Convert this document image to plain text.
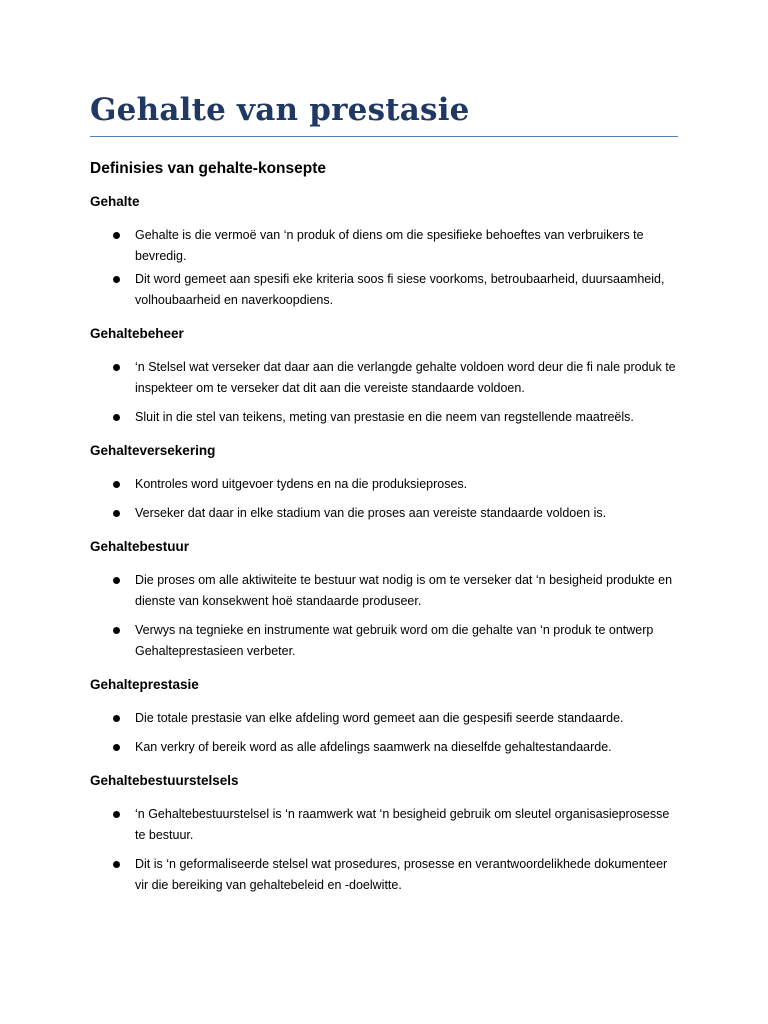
Gehalte van prestasie
Definisies van gehalte-konsepte
Gehalte
Gehalte is die vermoë van ‘n produk of diens om die spesifieke behoeftes van verbruikers te bevredig.
Dit word gemeet aan spesifi eke kriteria soos fi siese voorkoms, betroubaarheid, duursaamheid, volhoubaarheid en naverkoopdiens.
Gehaltebeheer
‘n Stelsel wat verseker dat daar aan die verlangde gehalte voldoen word deur die fi nale produk te inspekteer om te verseker dat dit aan die vereiste standaarde voldoen.
Sluit in die stel van teikens, meting van prestasie en die neem van regstellende maatreëls.
Gehalteversekering
Kontroles word uitgevoer tydens en na die produksieproses.
Verseker dat daar in elke stadium van die proses aan vereiste standaarde voldoen is.
Gehaltebestuur
Die proses om alle aktiwiteite te bestuur wat nodig is om te verseker dat ‘n besigheid produkte en dienste van konsekwent hoë standaarde produseer.
Verwys na tegnieke en instrumente wat gebruik word om die gehalte van ‘n produk te ontwerp Gehalteprestasieen verbeter.
Gehalteprestasie
Die totale prestasie van elke afdeling word gemeet aan die gespesifi seerde standaarde.
Kan verkry of bereik word as alle afdelings saamwerk na dieselfde gehaltestandaarde.
Gehaltebestuurstelsels
‘n Gehaltebestuurstelsel is ‘n raamwerk wat ‘n besigheid gebruik om sleutel organisasieprosesse te bestuur.
Dit is ‘n geformaliseerde stelsel wat prosedures, prosesse en verantwoordelikhede dokumenteer vir die bereiking van gehaltebeleid en -doelwitte.
